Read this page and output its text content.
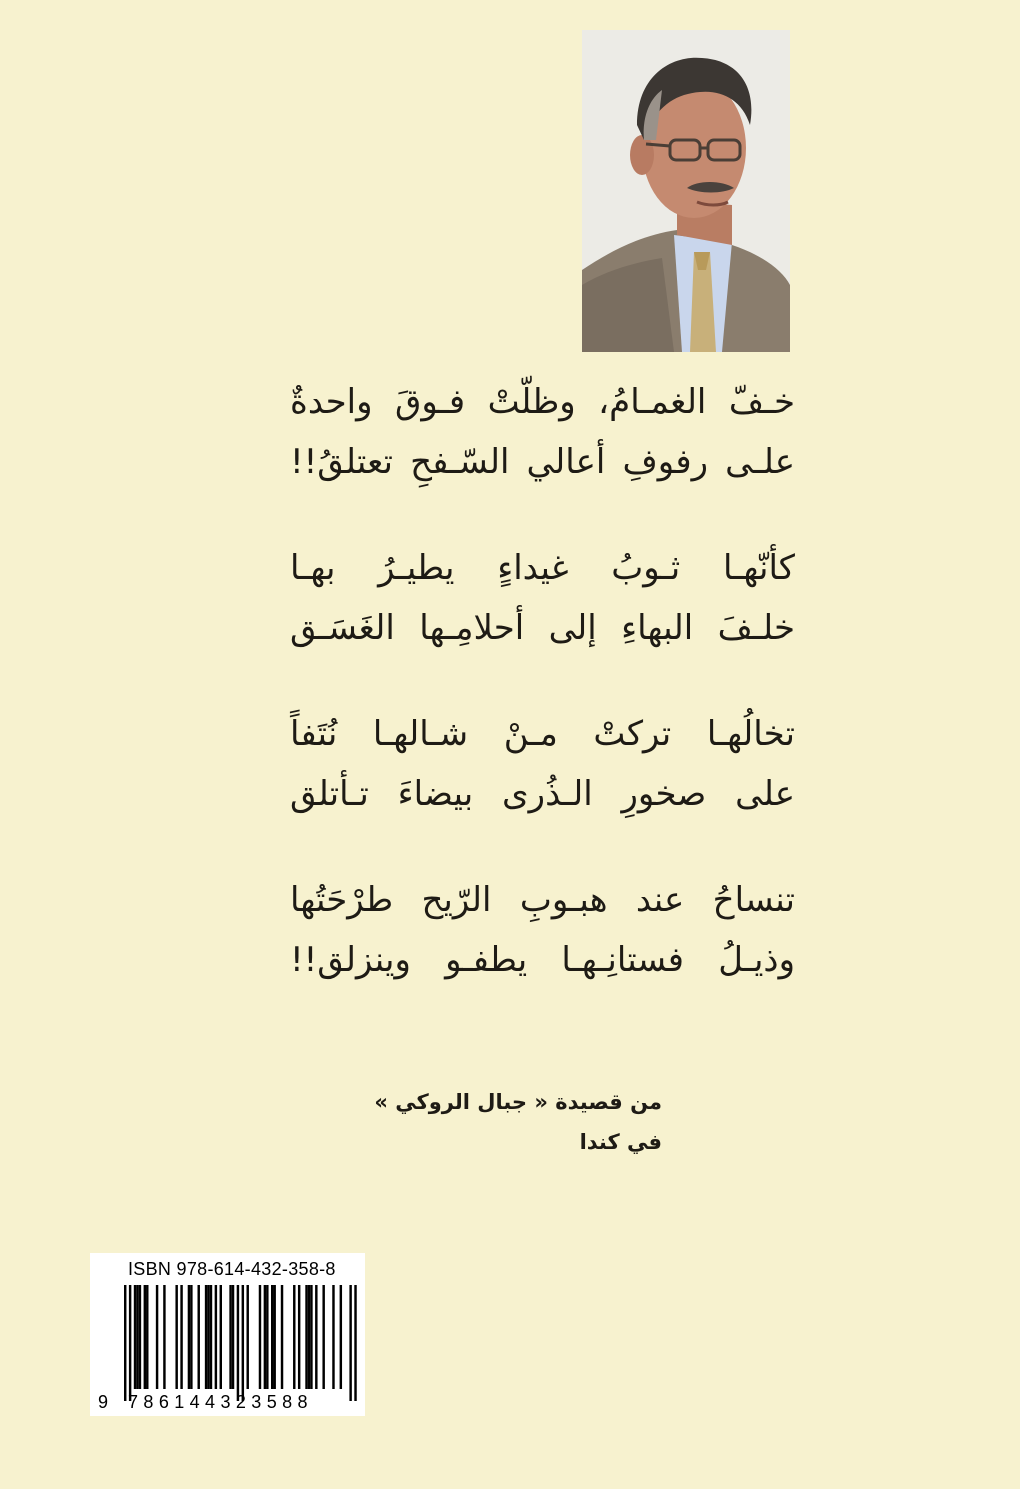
خـفّ الغمـامُ، وظلّتْ فـوقَ واحدةٌ
علـى رفوفِ أعالي السّـفحِ تعتلقُ!!
كأنّهـا ثـوبُ غيداءٍ يطيـرُ بهـا
خلـفَ البهاءِ إلى أحلامِـها الغَسَـق
تخالُهـا تركتْ مـنْ شـالهـا نُتَفاً
على صخورِ الـذُرى بيضاءَ تـأتلق
تنساحُ عند هبـوبِ الرّيح طرْحَتُها
وذيـلُ فستانِـهـا يطفـو وينزلق!!
من قصيدة « جبال الروكي »
في كندا
ISBN 978-614-432-358-8
9 786144323588
